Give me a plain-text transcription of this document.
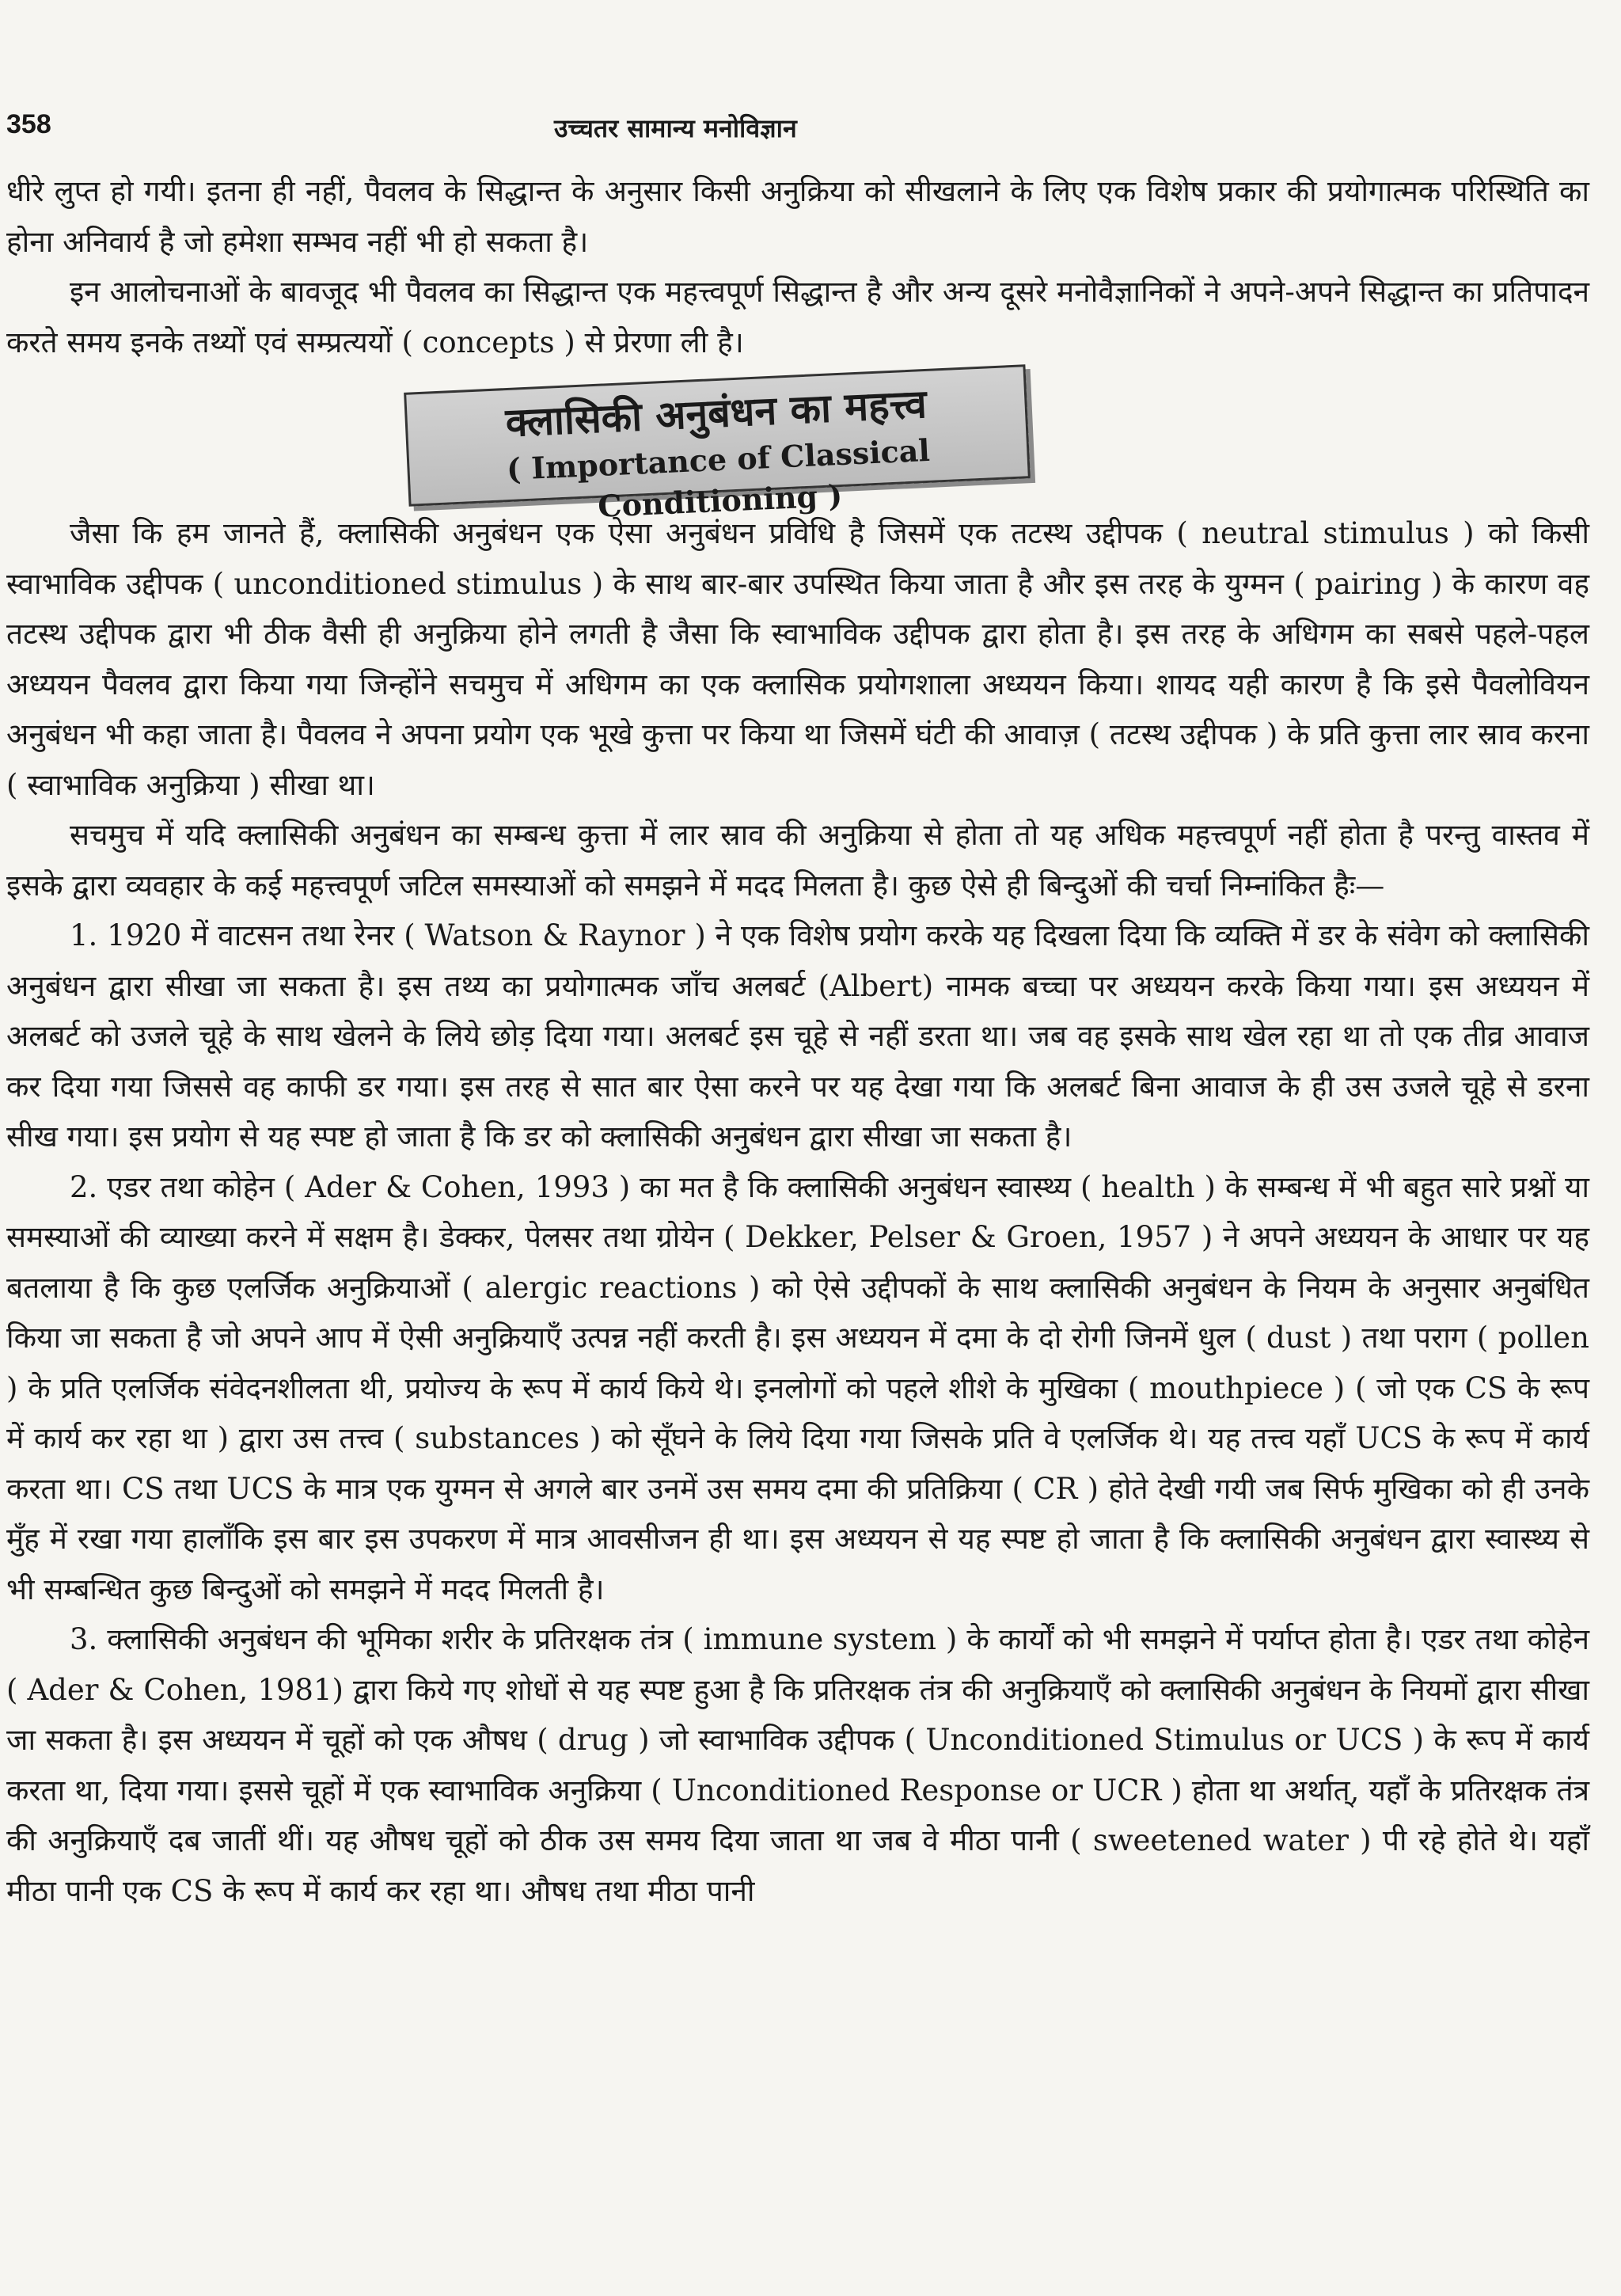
358	उच्चतर सामान्य मनोविज्ञान

धीरे लुप्त हो गयी। इतना ही नहीं, पैवलव के सिद्धान्त के अनुसार किसी अनुक्रिया को सीखलाने के लिए एक विशेष प्रकार की प्रयोगात्मक परिस्थिति का होना अनिवार्य है जो हमेशा सम्भव नहीं भी हो सकता है।

इन आलोचनाओं के बावजूद भी पैवलव का सिद्धान्त एक महत्त्वपूर्ण सिद्धान्त है और अन्य दूसरे मनोवैज्ञानिकों ने अपने-अपने सिद्धान्त का प्रतिपादन करते समय इनके तथ्यों एवं सम्प्रत्ययों ( concepts ) से प्रेरणा ली है।

क्लासिकी अनुबंधन का महत्त्व
( Importance of Classical Conditioning )

जैसा कि हम जानते हैं, क्लासिकी अनुबंधन एक ऐसा अनुबंधन प्रविधि है जिसमें एक तटस्थ उद्दीपक ( neutral stimulus ) को किसी स्वाभाविक उद्दीपक ( unconditioned stimulus ) के साथ बार-बार उपस्थित किया जाता है और इस तरह के युग्मन ( pairing ) के कारण वह तटस्थ उद्दीपक द्वारा भी ठीक वैसी ही अनुक्रिया होने लगती है जैसा कि स्वाभाविक उद्दीपक द्वारा होता है। इस तरह के अधिगम का सबसे पहले-पहल अध्ययन पैवलव द्वारा किया गया जिन्होंने सचमुच में अधिगम का एक क्लासिक प्रयोगशाला अध्ययन किया। शायद यही कारण है कि इसे पैवलोवियन अनुबंधन भी कहा जाता है। पैवलव ने अपना प्रयोग एक भूखे कुत्ता पर किया था जिसमें घंटी की आवाज़ ( तटस्थ उद्दीपक ) के प्रति कुत्ता लार स्राव करना ( स्वाभाविक अनुक्रिया ) सीखा था।

सचमुच में यदि क्लासिकी अनुबंधन का सम्बन्ध कुत्ता में लार स्राव की अनुक्रिया से होता तो यह अधिक महत्त्वपूर्ण नहीं होता है परन्तु वास्तव में इसके द्वारा व्यवहार के कई महत्त्वपूर्ण जटिल समस्याओं को समझने में मदद मिलता है। कुछ ऐसे ही बिन्दुओं की चर्चा निम्नांकित हैः—

1. 1920 में वाटसन तथा रेनर ( Watson & Raynor ) ने एक विशेष प्रयोग करके यह दिखला दिया कि व्यक्ति में डर के संवेग को क्लासिकी अनुबंधन द्वारा सीखा जा सकता है। इस तथ्य का प्रयोगात्मक जाँच अलबर्ट (Albert) नामक बच्चा पर अध्ययन करके किया गया। इस अध्ययन में अलबर्ट को उजले चूहे के साथ खेलने के लिये छोड़ दिया गया। अलबर्ट इस चूहे से नहीं डरता था। जब वह इसके साथ खेल रहा था तो एक तीव्र आवाज कर दिया गया जिससे वह काफी डर गया। इस तरह से सात बार ऐसा करने पर यह देखा गया कि अलबर्ट बिना आवाज के ही उस उजले चूहे से डरना सीख गया। इस प्रयोग से यह स्पष्ट हो जाता है कि डर को क्लासिकी अनुबंधन द्वारा सीखा जा सकता है।

2. एडर तथा कोहेन ( Ader & Cohen, 1993 ) का मत है कि क्लासिकी अनुबंधन स्वास्थ्य ( health ) के सम्बन्ध में भी बहुत सारे प्रश्नों या समस्याओं की व्याख्या करने में सक्षम है। डेक्कर, पेलसर तथा ग्रोयेन ( Dekker, Pelser & Groen, 1957 ) ने अपने अध्ययन के आधार पर यह बतलाया है कि कुछ एलर्जिक अनुक्रियाओं ( alergic reactions ) को ऐसे उद्दीपकों के साथ क्लासिकी अनुबंधन के नियम के अनुसार अनुबंधित किया जा सकता है जो अपने आप में ऐसी अनुक्रियाएँ उत्पन्न नहीं करती है। इस अध्ययन में दमा के दो रोगी जिनमें धुल ( dust ) तथा पराग ( pollen ) के प्रति एलर्जिक संवेदनशीलता थी, प्रयोज्य के रूप में कार्य किये थे। इनलोगों को पहले शीशे के मुखिका ( mouthpiece ) ( जो एक CS के रूप में कार्य कर रहा था ) द्वारा उस तत्त्व ( substances ) को सूँघने के लिये दिया गया जिसके प्रति वे एलर्जिक थे। यह तत्त्व यहाँ UCS के रूप में कार्य करता था। CS तथा UCS के मात्र एक युग्मन से अगले बार उनमें उस समय दमा की प्रतिक्रिया ( CR ) होते देखी गयी जब सिर्फ मुखिका को ही उनके मुँह में रखा गया हालाँकि इस बार इस उपकरण में मात्र आवसीजन ही था। इस अध्ययन से यह स्पष्ट हो जाता है कि क्लासिकी अनुबंधन द्वारा स्वास्थ्य से भी सम्बन्धित कुछ बिन्दुओं को समझने में मदद मिलती है।

3. क्लासिकी अनुबंधन की भूमिका शरीर के प्रतिरक्षक तंत्र ( immune system ) के कार्यों को भी समझने में पर्याप्त होता है। एडर तथा कोहेन ( Ader & Cohen, 1981) द्वारा किये गए शोधों से यह स्पष्ट हुआ है कि प्रतिरक्षक तंत्र की अनुक्रियाएँ को क्लासिकी अनुबंधन के नियमों द्वारा सीखा जा सकता है। इस अध्ययन में चूहों को एक औषध ( drug ) जो स्वाभाविक उद्दीपक ( Unconditioned Stimulus or UCS ) के रूप में कार्य करता था, दिया गया। इससे चूहों में एक स्वाभाविक अनुक्रिया ( Unconditioned Response or UCR ) होता था अर्थात्, यहाँ के प्रतिरक्षक तंत्र की अनुक्रियाएँ दब जातीं थीं। यह औषध चूहों को ठीक उस समय दिया जाता था जब वे मीठा पानी ( sweetened water ) पी रहे होते थे। यहाँ मीठा पानी एक CS के रूप में कार्य कर रहा था। औषध तथा मीठा पानी
